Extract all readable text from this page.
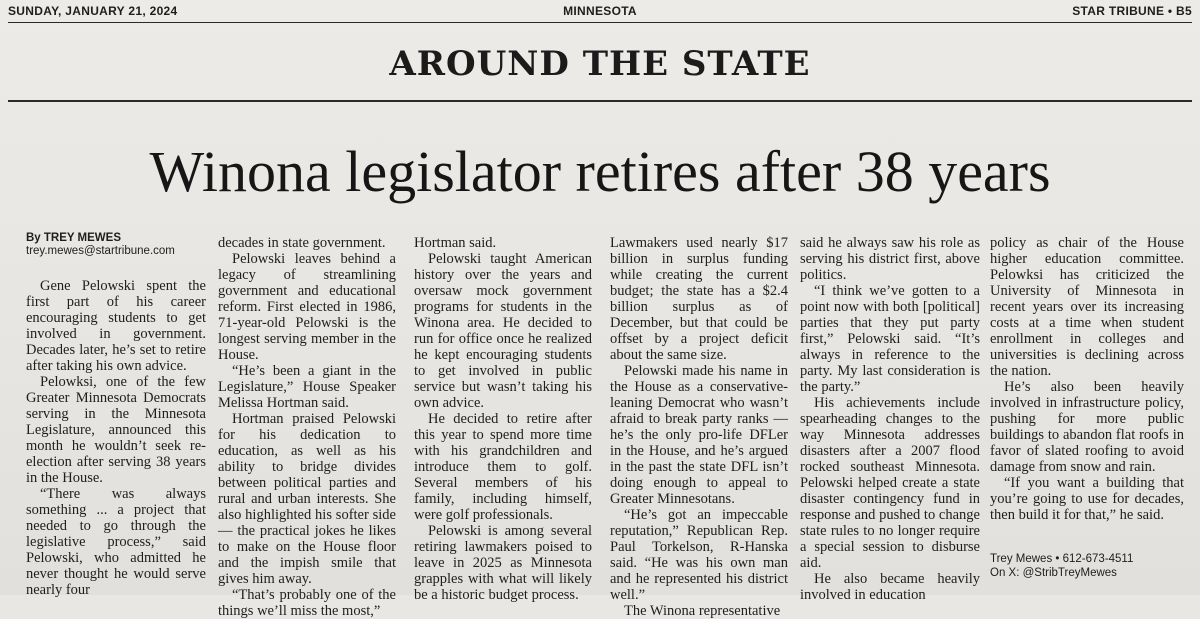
SUNDAY, JANUARY 21, 2024	MINNESOTA	STAR TRIBUNE • B5
AROUND THE STATE
Winona legislator retires after 38 years
By TREY MEWES
trey.mewes@startribune.com

Gene Pelowski spent the first part of his career encouraging students to get involved in government. Decades later, he’s set to retire after taking his own advice.

Pelowksi, one of the few Greater Minnesota Democrats serving in the Minnesota Legislature, announced this month he wouldn’t seek re-election after serving 38 years in the House.

“There was always something ... a project that needed to go through the legislative process,” said Pelowski, who admitted he never thought he would serve nearly four

decades in state government.

Pelowski leaves behind a legacy of streamlining government and educational reform. First elected in 1986, 71-year-old Pelowski is the longest serving member in the House.

“He’s been a giant in the Legislature,” House Speaker Melissa Hortman said.

Hortman praised Pelowski for his dedication to education, as well as his ability to bridge divides between political parties and rural and urban interests. She also highlighted his softer side — the practical jokes he likes to make on the House floor and the impish smile that gives him away.

“That’s probably one of the things we’ll miss the most,”

Hortman said.

Pelowski taught American history over the years and oversaw mock government programs for students in the Winona area. He decided to run for office once he realized he kept encouraging students to get involved in public service but wasn’t taking his own advice.

He decided to retire after this year to spend more time with his grandchildren and introduce them to golf. Several members of his family, including himself, were golf professionals.

Pelowski is among several retiring lawmakers poised to leave in 2025 as Minnesota grapples with what will likely be a historic budget process.

Lawmakers used nearly $17 billion in surplus funding while creating the current budget; the state has a $2.4 billion surplus as of December, but that could be offset by a project deficit about the same size.

Pelowski made his name in the House as a conservative-leaning Democrat who wasn’t afraid to break party ranks — he’s the only pro-life DFLer in the House, and he’s argued in the past the state DFL isn’t doing enough to appeal to Greater Minnesotans.

“He’s got an impeccable reputation,” Republican Rep. Paul Torkelson, R-Hanska said. “He was his own man and he represented his district well.”

The Winona representative

said he always saw his role as serving his district first, above politics.

“I think we’ve gotten to a point now with both [political] parties that they put party first,” Pelowski said. “It’s always in reference to the party. My last consideration is the party.”

His achievements include spearheading changes to the way Minnesota addresses disasters after a 2007 flood rocked southeast Minnesota. Pelowski helped create a state disaster contingency fund in response and pushed to change state rules to no longer require a special session to disburse aid.

He also became heavily involved in education

policy as chair of the House higher education committee. Pelowksi has criticized the University of Minnesota in recent years over its increasing costs at a time when student enrollment in colleges and universities is declining across the nation.

He’s also been heavily involved in infrastructure policy, pushing for more public buildings to abandon flat roofs in favor of slated roofing to avoid damage from snow and rain.

“If you want a building that you’re going to use for decades, then build it for that,” he said.

Trey Mewes • 612-673-4511
On X: @StribTreyMewes
